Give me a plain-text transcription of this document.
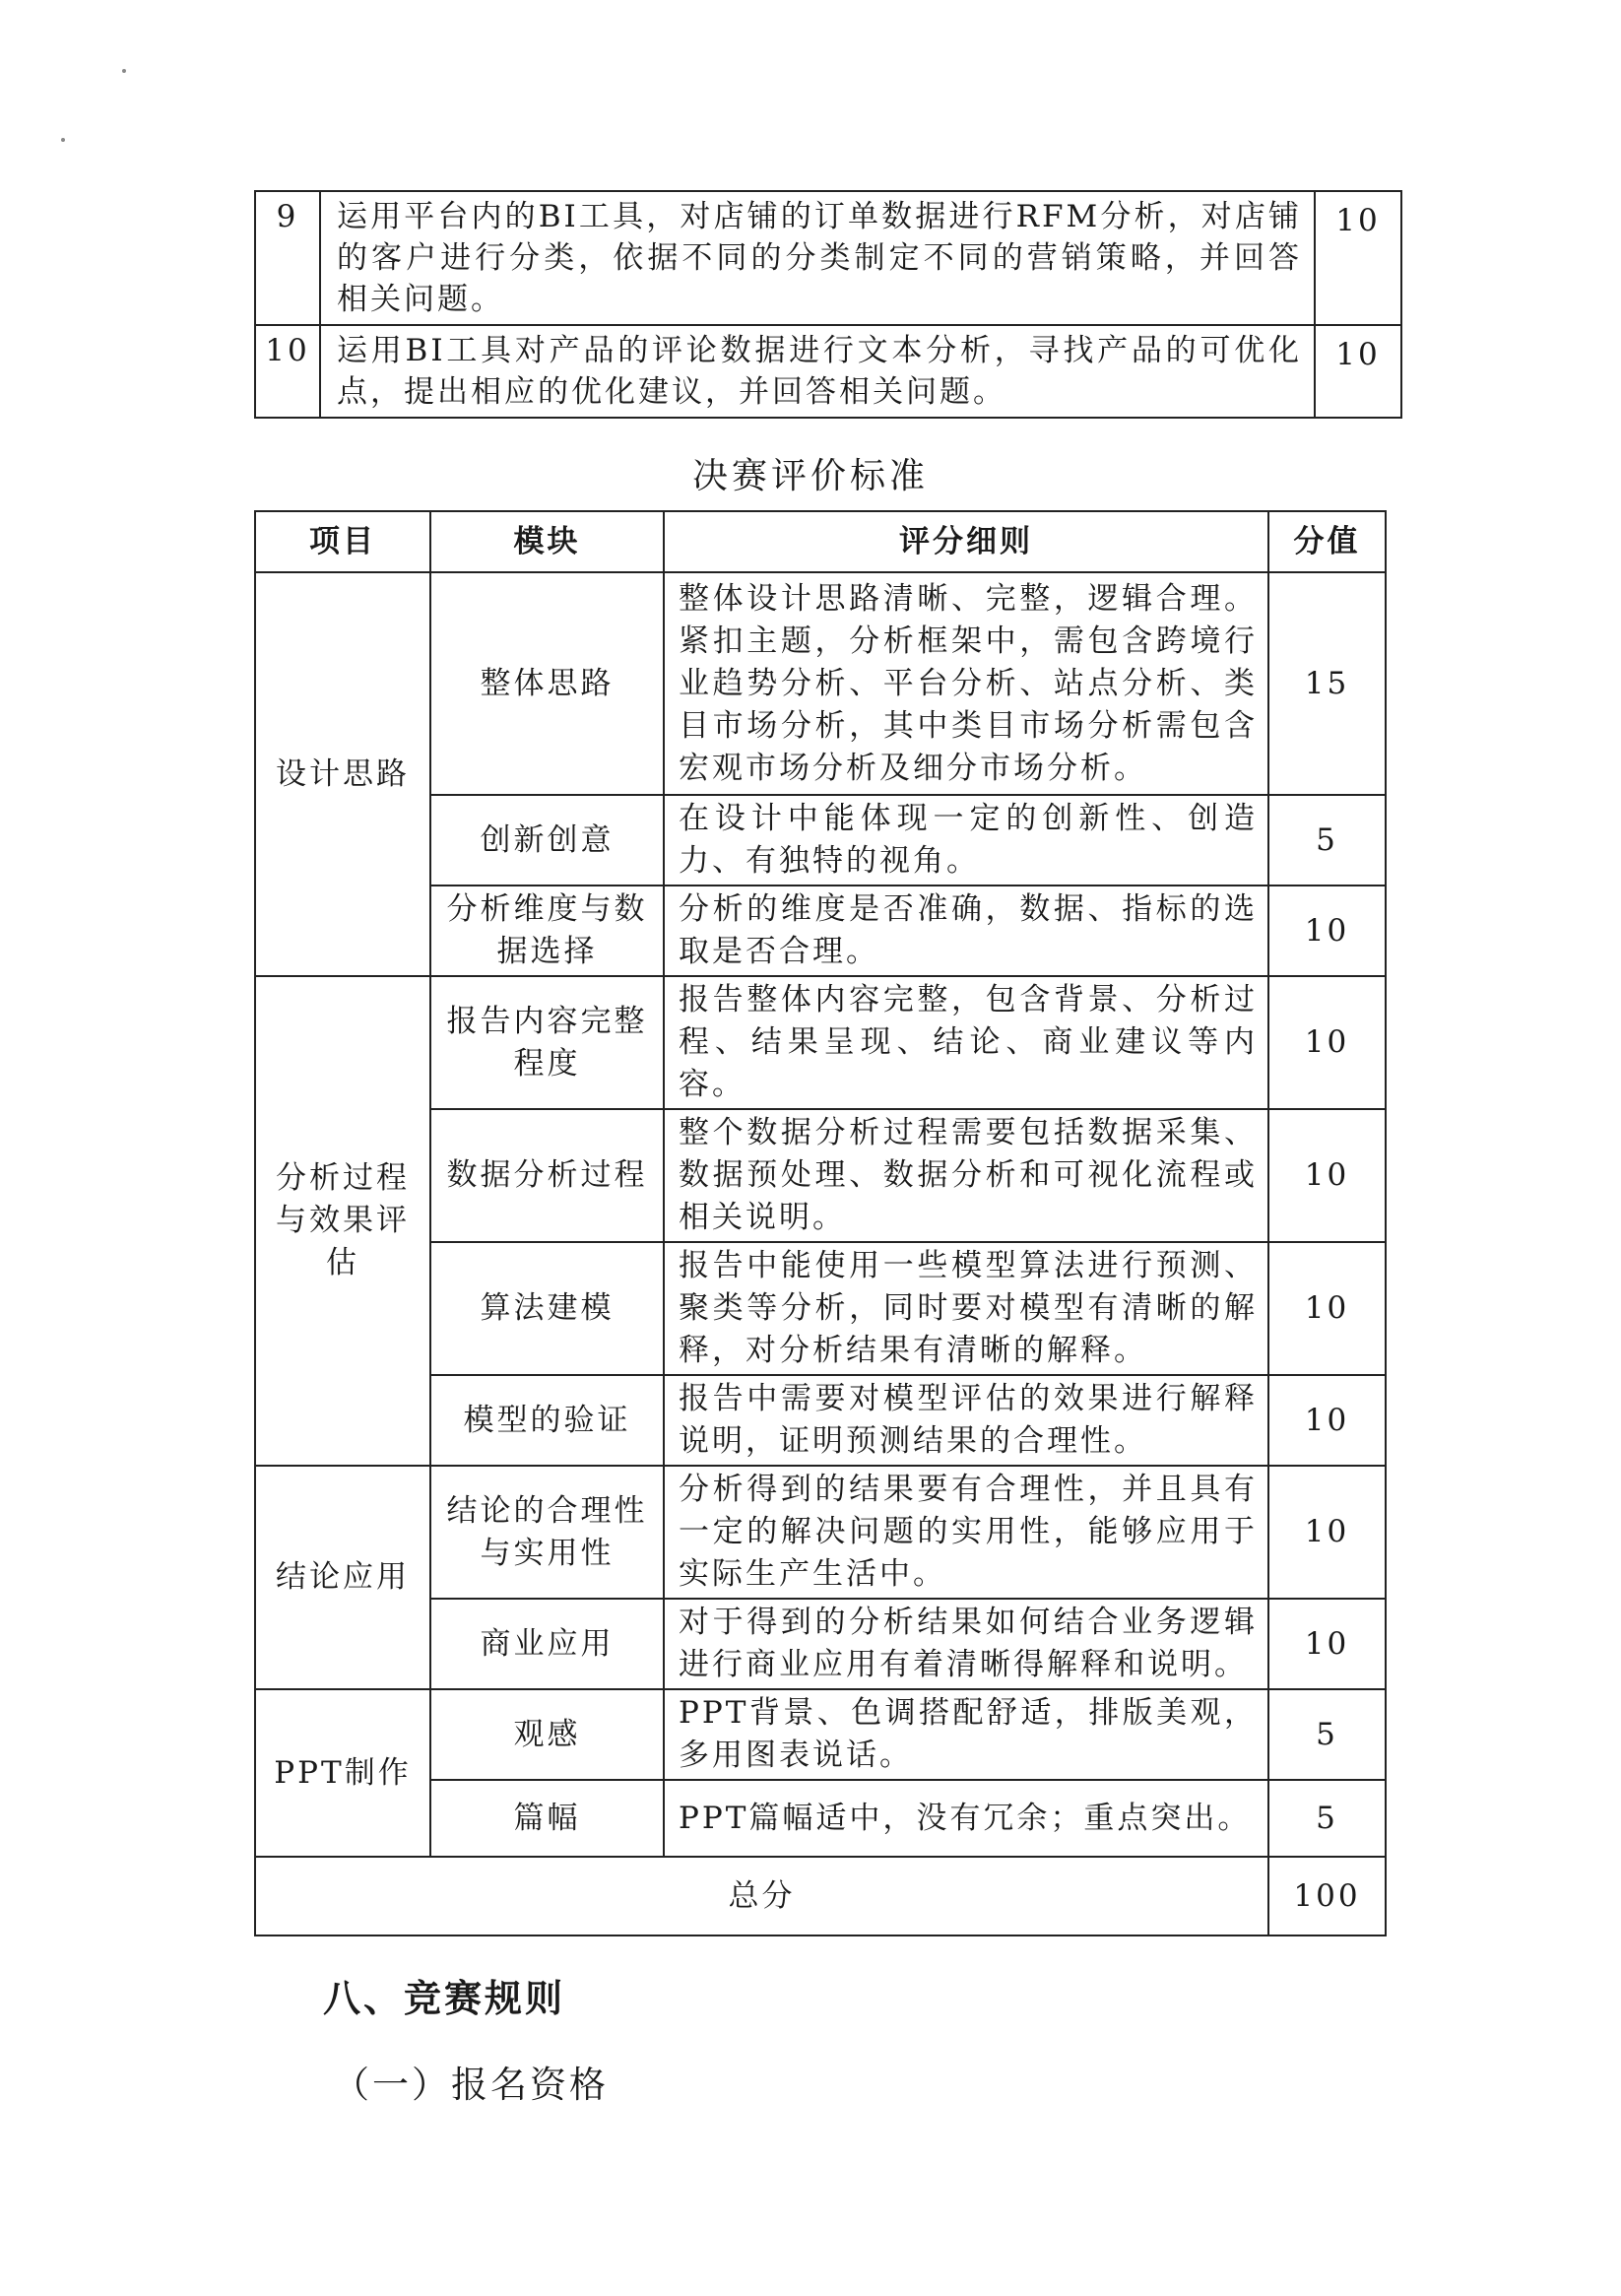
9	运用平台内的BI工具，对店铺的订单数据进行RFM分析，对店铺的客户进行分类，依据不同的分类制定不同的营销策略，并回答相关问题。	10
10	运用BI工具对产品的评论数据进行文本分析，寻找产品的可优化点，提出相应的优化建议，并回答相关问题。	10
决赛评价标准
项目	模块	评分细则	分值
设计思路	整体思路	整体设计思路清晰、完整，逻辑合理。紧扣主题，分析框架中，需包含跨境行业趋势分析、平台分析、站点分析、类目市场分析，其中类目市场分析需包含宏观市场分析及细分市场分析。	15
	创新创意	在设计中能体现一定的创新性、创造力、有独特的视角。	5
	分析维度与数据选择	分析的维度是否准确，数据、指标的选取是否合理。	10
分析过程与效果评估	报告内容完整程度	报告整体内容完整，包含背景、分析过程、结果呈现、结论、商业建议等内容。	10
	数据分析过程	整个数据分析过程需要包括数据采集、数据预处理、数据分析和可视化流程或相关说明。	10
	算法建模	报告中能使用一些模型算法进行预测、聚类等分析，同时要对模型有清晰的解释，对分析结果有清晰的解释。	10
	模型的验证	报告中需要对模型评估的效果进行解释说明，证明预测结果的合理性。	10
结论应用	结论的合理性与实用性	分析得到的结果要有合理性，并且具有一定的解决问题的实用性，能够应用于实际生产生活中。	10
	商业应用	对于得到的分析结果如何结合业务逻辑进行商业应用有着清晰得解释和说明。	10
PPT制作	观感	PPT背景、色调搭配舒适，排版美观，多用图表说话。	5
	篇幅	PPT篇幅适中，没有冗余；重点突出。	5
总分			100
八、竞赛规则
（一）报名资格
